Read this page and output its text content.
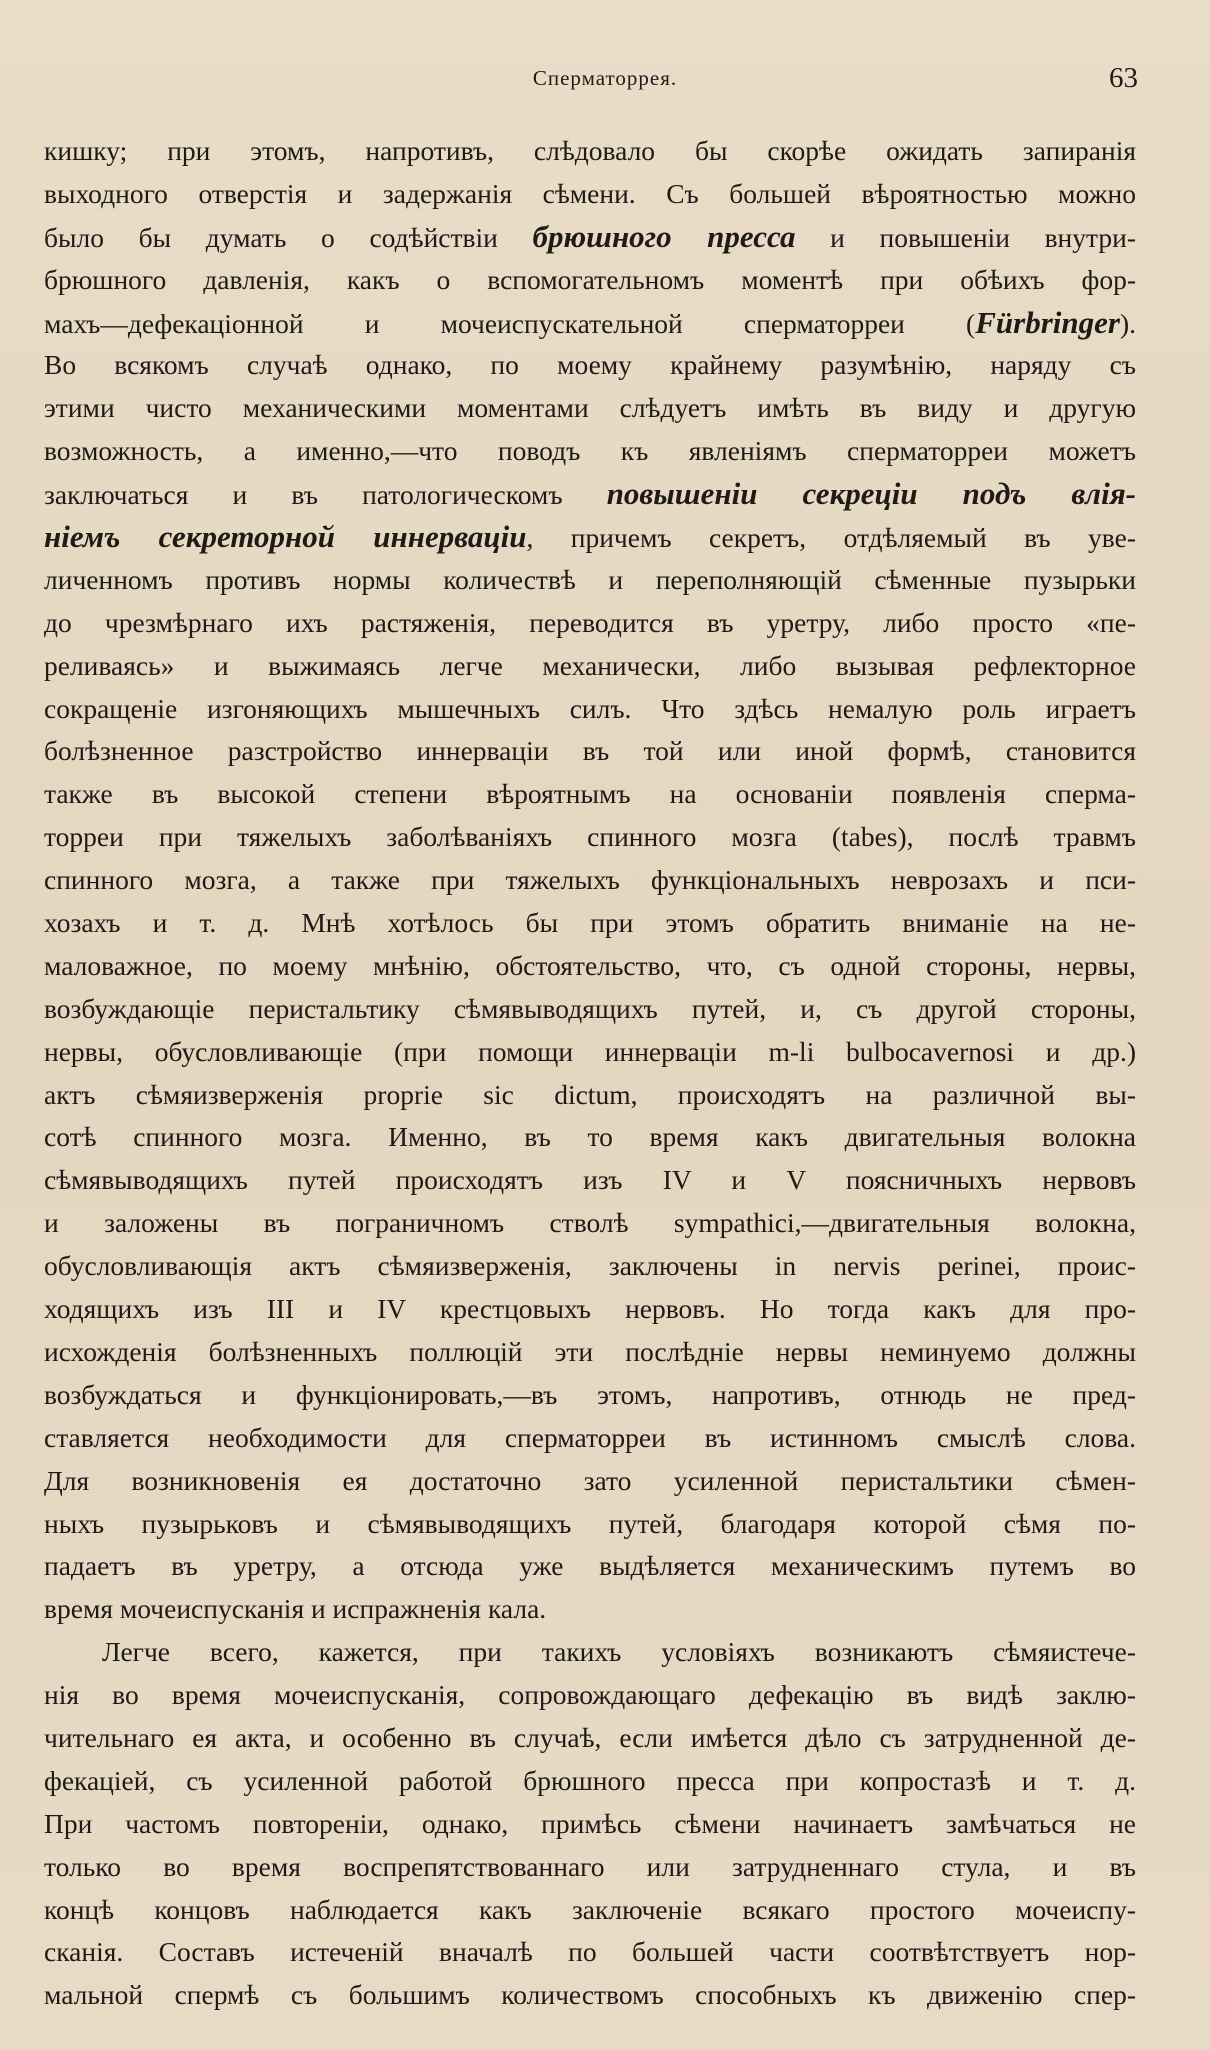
Сперматоррея.	63
кишку; при этомъ, напротивъ, слѣдовало бы скорѣе ожидать запиранія
выходного отверстія и задержанія сѣмени. Съ большей вѣроятностью можно
было бы думать о содѣйствіи брюшного пресса и повышеніи внутри-
брюшного давленія, какъ о вспомогательномъ моментѣ при обѣихъ фор-
махъ—дефекаціонной и мочеиспускательной сперматорреи (Fürbringer).
Во всякомъ случаѣ однако, по моему крайнему разумѣнію, наряду съ
этими чисто механическими моментами слѣдуетъ имѣть въ виду и другую
возможность, а именно,—что поводъ къ явленіямъ сперматорреи можетъ
заключаться и въ патологическомъ повышеніи секреціи подъ влія-
ніемъ секреторной иннерваціи, причемъ секретъ, отдѣляемый въ уве-
личенномъ противъ нормы количествѣ и переполняющій сѣменные пузырьки
до чрезмѣрнаго ихъ растяженія, переводится въ уретру, либо просто «пе-
реливаясь» и выжимаясь легче механически, либо вызывая рефлекторное
сокращеніе изгоняющихъ мышечныхъ силъ. Что здѣсь немалую роль играетъ
болѣзненное разстройство иннерваціи въ той или иной формѣ, становится
также въ высокой степени вѣроятнымъ на основаніи появленія сперма-
торреи при тяжелыхъ заболѣваніяхъ спинного мозга (tabes), послѣ травмъ
спинного мозга, а также при тяжелыхъ функціональныхъ неврозахъ и пси-
хозахъ и т. д. Мнѣ хотѣлось бы при этомъ обратить вниманіе на не-
маловажное, по моему мнѣнію, обстоятельство, что, съ одной стороны, нервы,
возбуждающіе перистальтику сѣмявыводящихъ путей, и, съ другой стороны,
нервы, обусловливающіе (при помощи иннерваціи m-li bulbocavernosi и др.)
актъ сѣмяизверженія proprie sic dictum, происходятъ на различной вы-
сотѣ спинного мозга. Именно, въ то время какъ двигательныя волокна
сѣмявыводящихъ путей происходятъ изъ IV и V поясничныхъ нервовъ
и заложены въ пограничномъ стволѣ sympathici,—двигательныя волокна,
обусловливающія актъ сѣмяизверженія, заключены in nervis perinei, проис-
ходящихъ изъ III и IV крестцовыхъ нервовъ. Но тогда какъ для про-
исхожденія болѣзненныхъ поллюцій эти послѣдніе нервы неминуемо должны
возбуждаться и функціонировать,—въ этомъ, напротивъ, отнюдь не пред-
ставляется необходимости для сперматорреи въ истинномъ смыслѣ слова.
Для возникновенія ея достаточно зато усиленной перистальтики сѣмен-
ныхъ пузырьковъ и сѣмявыводящихъ путей, благодаря которой сѣмя по-
падаетъ въ уретру, а отсюда уже выдѣляется механическимъ путемъ во
время мочеиспусканія и испражненія кала.
Легче всего, кажется, при такихъ условіяхъ возникаютъ сѣмяистече-
нія во время мочеиспусканія, сопровождающаго дефекацію въ видѣ заклю-
чительнаго ея акта, и особенно въ случаѣ, если имѣется дѣло съ затрудненной де-
фекаціей, съ усиленной работой брюшного пресса при копростазѣ и т. д.
При частомъ повтореніи, однако, примѣсь сѣмени начинаетъ замѣчаться не
только во время воспрепятствованнаго или затрудненнаго стула, и въ
концѣ концовъ наблюдается какъ заключеніе всякаго простого мочеиспу-
сканія. Составъ истеченій вначалѣ по большей части соотвѣтствуетъ нор-
мальной спермѣ съ большимъ количествомъ способныхъ къ движенію спер-
